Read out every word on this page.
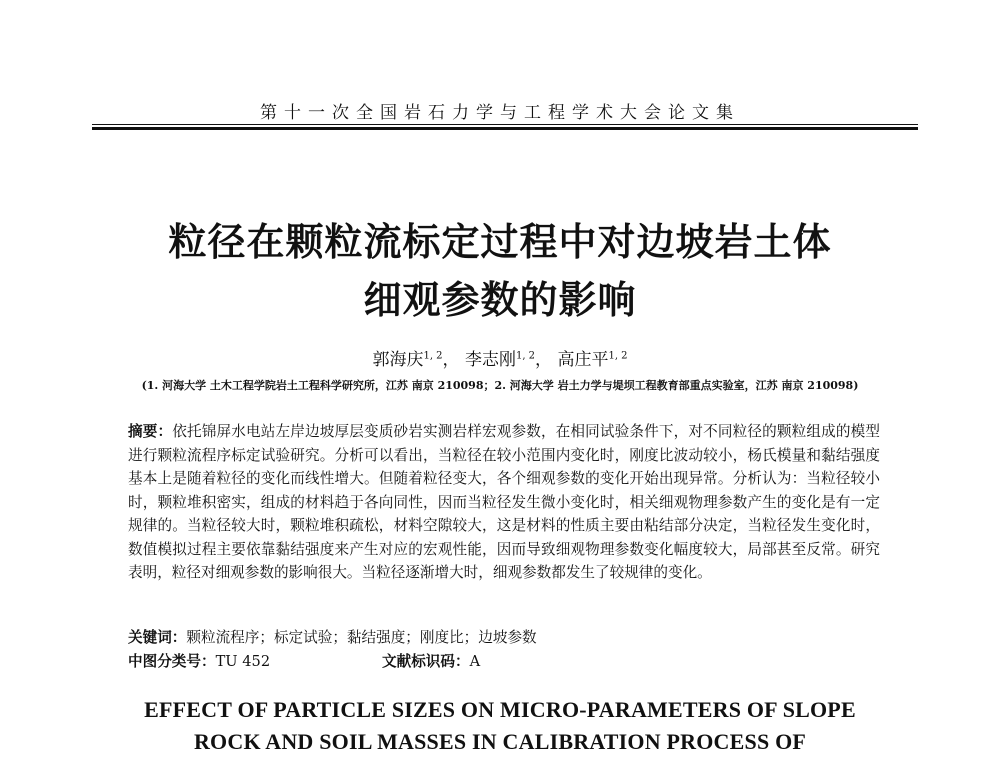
第十一次全国岩石力学与工程学术大会论文集
粒径在颗粒流标定过程中对边坡岩土体
细观参数的影响
郭海庆$^{1, 2}$， 李志刚$^{1, 2}$， 高庄平$^{1, 2}$
(1. 河海大学 土木工程学院岩土工程科学研究所，江苏 南京 210098；2. 河海大学 岩土力学与堤坝工程教育部重点实验室，江苏 南京 210098)
摘要：依托锦屏水电站左岸边坡厚层变质砂岩实测岩样宏观参数，在相同试验条件下，对不同粒径的颗粒组成的模型进行颗粒流程序标定试验研究。分析可以看出，当粒径在较小范围内变化时，刚度比波动较小，杨氏模量和黏结强度基本上是随着粒径的变化而线性增大。但随着粒径变大，各个细观参数的变化开始出现异常。分析认为：当粒径较小时，颗粒堆积密实，组成的材料趋于各向同性，因而当粒径发生微小变化时，相关细观物理参数产生的变化是有一定规律的。当粒径较大时，颗粒堆积疏松，材料空隙较大，这是材料的性质主要由粘结部分决定，当粒径发生变化时，数值模拟过程主要依靠黏结强度来产生对应的宏观性能，因而导致细观物理参数变化幅度较大，局部甚至反常。研究表明，粒径对细观参数的影响很大。当粒径逐渐增大时，细观参数都发生了较规律的变化。
关键词：颗粒流程序；标定试验；黏结强度；刚度比；边坡参数
中图分类号：TU 452	文献标识码：A
EFFECT OF PARTICLE SIZES ON MICRO-PARAMETERS OF SLOPE
ROCK AND SOIL MASSES IN CALIBRATION PROCESS OF
